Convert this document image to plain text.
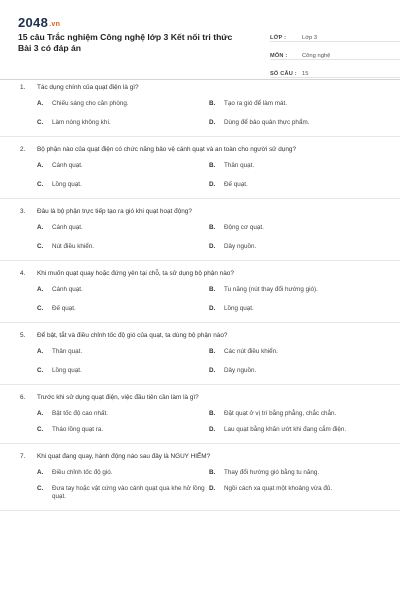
2048.vn
15 câu Trắc nghiệm Công nghệ lớp 3 Kết nối tri thức Bài 3 có đáp án
LỚP :	Lớp 3
MÔN :	Công nghệ
SỐ CÂU : 15
1.	Tác dụng chính của quạt điện là gì?
A.	Chiếu sáng cho căn phòng.	B.	Tạo ra gió để làm mát.
C.	Làm nóng không khí.	D.	Dùng để bảo quản thực phẩm.
2.	Bộ phận nào của quạt điện có chức năng bảo vệ cánh quạt và an toàn cho người sử dụng?
A.	Cánh quạt.	B.	Thân quạt.
C.	Lồng quạt.	D.	Đế quạt.
3.	Đâu là bộ phận trực tiếp tạo ra gió khi quạt hoạt động?
A.	Cánh quạt.	B.	Động cơ quạt.
C.	Nút điều khiển.	D.	Dây nguồn.
4.	Khi muốn quạt quay hoặc đứng yên tại chỗ, ta sử dụng bộ phận nào?
A.	Cánh quạt.	B.	Tu năng (nút thay đổi hướng gió).
C.	Đế quạt.	D.	Lồng quạt.
5.	Để bật, tắt và điều chỉnh tốc độ gió của quạt, ta dùng bộ phận nào?
A.	Thân quạt.	B.	Các nút điều khiển.
C.	Lồng quạt.	D.	Dây nguồn.
6.	Trước khi sử dụng quạt điện, việc đầu tiên cần làm là gì?
A.	Bật tốc độ cao nhất.	B.	Đặt quạt ở vị trí bằng phẳng, chắc chắn.
C.	Tháo lồng quạt ra.	D.	Lau quạt bằng khăn ướt khi đang cắm điện.
7.	Khi quạt đang quay, hành động nào sau đây là NGUY HIỂM?
A.	Điều chỉnh tốc độ gió.	B.	Thay đổi hướng gió bằng tu năng.
C.	Đưa tay hoặc vật cứng vào cánh quạt qua khe hở lồng quạt.
D.	Ngồi cách xa quạt một khoảng vừa đủ.
